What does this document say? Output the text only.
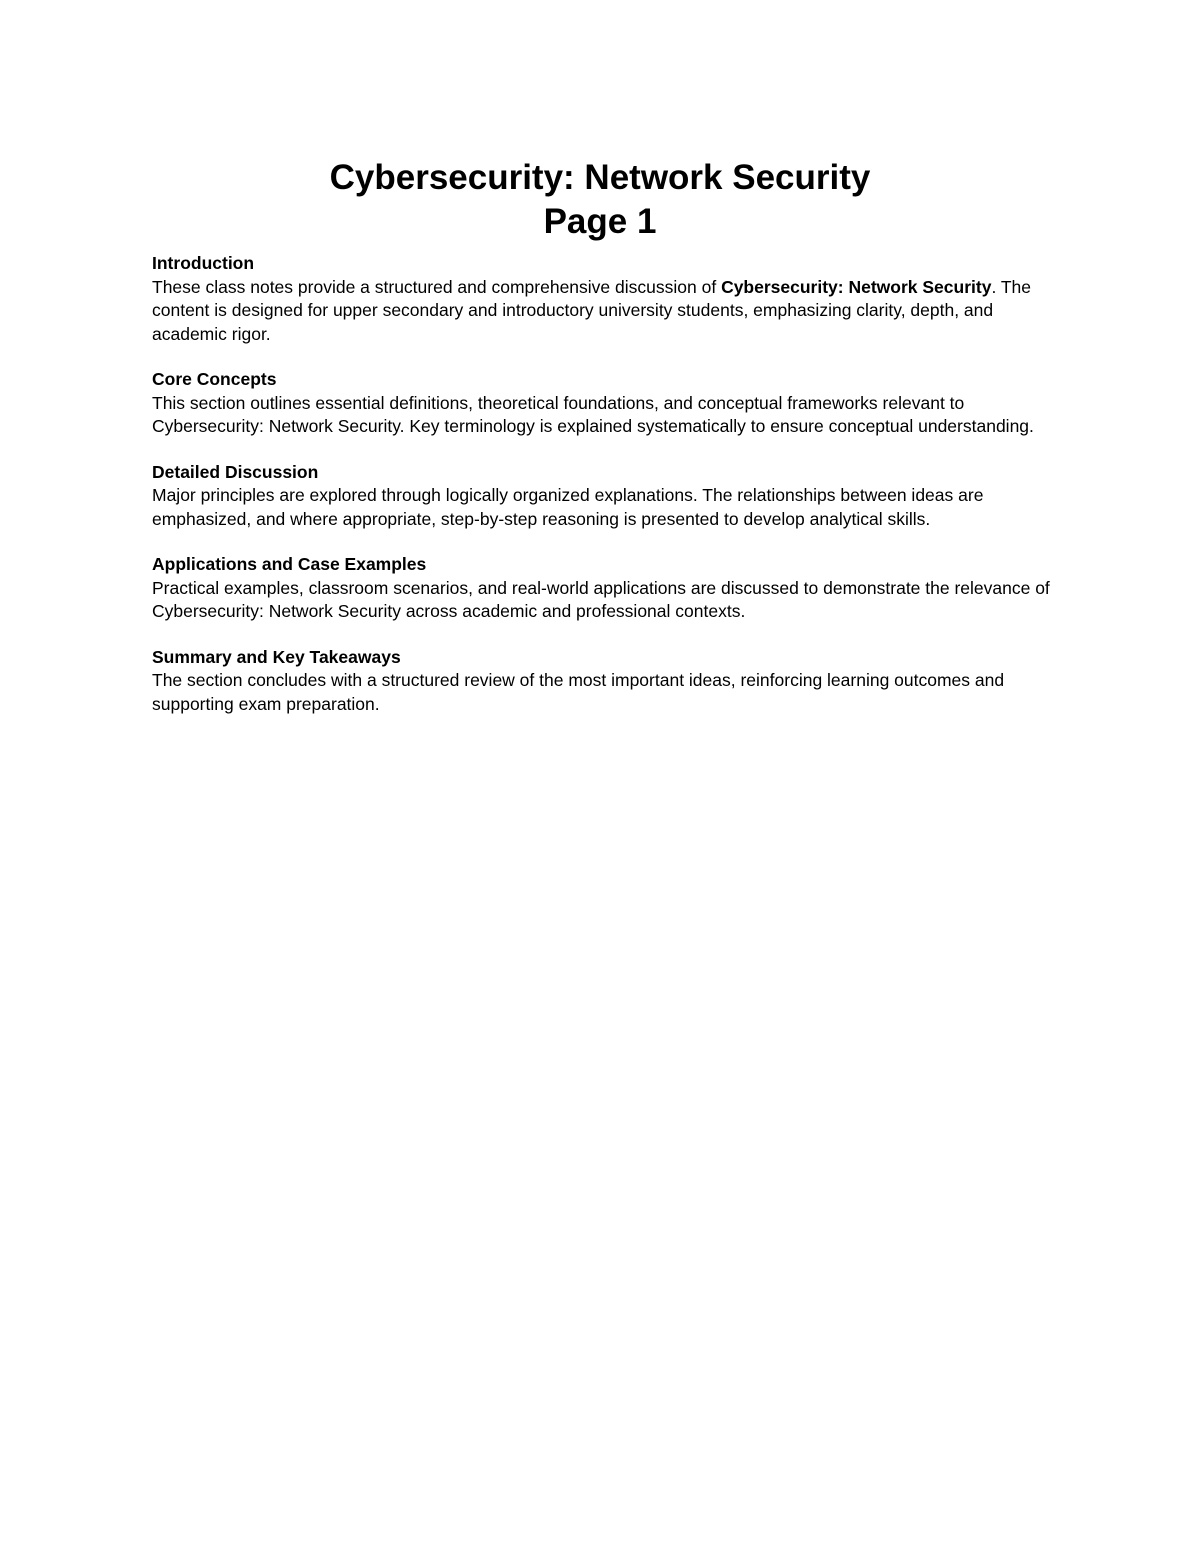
Cybersecurity: Network Security

Page 1

Introduction

These class notes provide a structured and comprehensive discussion of Cybersecurity: Network Security. The content is designed for upper secondary and introductory university students, emphasizing clarity, depth, and academic rigor.

Core Concepts

This section outlines essential definitions, theoretical foundations, and conceptual frameworks relevant to Cybersecurity: Network Security. Key terminology is explained systematically to ensure conceptual understanding.

Detailed Discussion

Major principles are explored through logically organized explanations. The relationships between ideas are emphasized, and where appropriate, step-by-step reasoning is presented to develop analytical skills.

Applications and Case Examples

Practical examples, classroom scenarios, and real-world applications are discussed to demonstrate the relevance of Cybersecurity: Network Security across academic and professional contexts.

Summary and Key Takeaways

The section concludes with a structured review of the most important ideas, reinforcing learning outcomes and supporting exam preparation.
